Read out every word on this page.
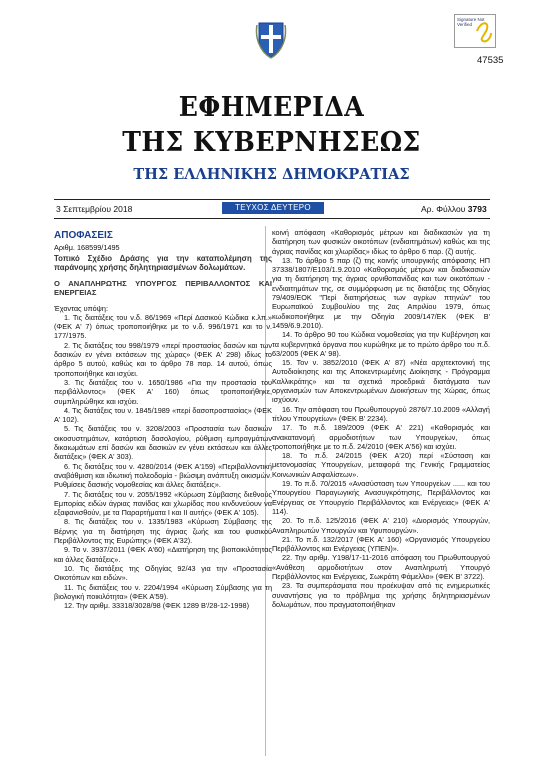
Signature Not Verified
47535
ΕΦΗΜΕΡΙΔΑ
ΤΗΣ ΚΥΒΕΡΝΗΣΕΩΣ
ΤΗΣ ΕΛΛΗΝΙΚΗΣ ΔΗΜΟΚΡΑΤΙΑΣ
3 Σεπτεμβρίου 2018	ΤΕΥΧΟΣ ΔΕΥΤΕΡΟ	Αρ. Φύλλου 3793
ΑΠΟΦΑΣΕΙΣ
Αριθμ. 168599/1495
Τοπικό Σχέδιο Δράσης για την καταπολέμηση της παράνομης χρήσης δηλητηριασμένων δολωμάτων.
Ο ΑΝΑΠΛΗΡΩΤΗΣ ΥΠΟΥΡΓΟΣ ΠΕΡΙΒΑΛΛΟΝΤΟΣ ΚΑΙ ΕΝΕΡΓΕΙΑΣ

Έχοντας υπόψη:

1. Τις διατάξεις του ν.δ. 86/1969 «Περί Δασικού Κώδικα κ.λπ.» (ΦΕΚ Α' 7) όπως τροποποιήθηκε με το ν.δ. 996/1971 και το ν. 177/1975.

2. Τις διατάξεις του 998/1979 «περί προστασίας δασών και των δασικών εν γένει εκτάσεων της χώρας» (ΦΕΚ Α' 298) ιδίως το άρθρο 5 αυτού, καθώς και το άρθρο 78 παρ. 14 αυτού, όπως τροποποιήθηκε και ισχύει.

3. Τις διατάξεις του ν. 1650/1986 «Για την προστασία του περιβάλλοντος» (ΦΕΚ Α' 160) όπως τροποποιήθηκε, συμπληρώθηκε και ισχύει.

4. Τις διατάξεις του ν. 1845/1989 «περί δασοπροστασίας» (ΦΕΚ Α' 102).

5. Τις διατάξεις του ν. 3208/2003 «Προστασία των δασικών οικοσυστημάτων, κατάρτιση δασολογίου, ρύθμιση εμπραγμάτων δικαιωμάτων επί δασών και δασικών εν γένει εκτάσεων και άλλες διατάξεις» (ΦΕΚ Α' 303).

6. Τις διατάξεις του ν. 4280/2014 (ΦΕΚ Α'159) «Περιβαλλοντική αναβάθμιση και ιδιωτική πολεοδομία - βιώσιμη ανάπτυξη οικισμών. Ρυθμίσεις δασικής νομοθεσίας και άλλες διατάξεις».

7. Τις διατάξεις του ν. 2055/1992 «Κύρωση Σύμβασης διεθνούς Εμπορίας ειδών άγριας πανίδας και χλωρίδας που κινδυνεύουν να εξαφανισθούν, με τα Παραρτήματα Ι και ΙΙ αυτής» (ΦΕΚ Α' 105).

8. Τις διατάξεις του ν. 1335/1983 «Κύρωση Σύμβασης της Βέρνης για τη διατήρηση της άγριας ζωής και του φυσικού Περιβάλλοντος της Ευρώπης» (ΦΕΚ Α'32).

9. Το ν. 3937/2011 (ΦΕΚ Α'60) «Διατήρηση της βιοποικιλότητας και άλλες διατάξεις».

10. Τις διατάξεις της Οδηγίας 92/43 για την «Προστασία Οικοτόπων και ειδών».

11. Τις διατάξεις του ν. 2204/1994 «Κύρωση Σύμβασης για τη βιολογική ποικιλότητα» (ΦΕΚ Α'59).

12. Την αριθμ. 33318/3028/98 (ΦΕΚ 1289 Β'/28-12-1998)

κοινή απόφαση «Καθορισμός μέτρων και διαδικασιών για τη διατήρηση των φυσικών οικοτόπων (ενδιαιτημάτων) καθώς και της άγριας πανίδας και χλωρίδας» ιδίως το άρθρο 6 παρ. (ζ) αυτής.

13. Το άρθρο 5 παρ (ζ) της κοινής υπουργικής απόφασης ΗΠ 37338/1807/Ε103/1.9.2010 «Καθορισμός μέτρων και διαδικασιών για τη διατήρηση της άγριας ορνιθοπανίδας και των οικοτόπων - ενδιαιτημάτων της, σε συμμόρφωση με τις διατάξεις της Οδηγίας 79/409/ΕΟΚ "Περί διατηρήσεως των αγρίων πτηνών" του Ευρωπαϊκού Συμβουλίου της 2ας Απριλίου 1979, όπως κωδικοποιήθηκε με την Οδηγία 2009/147/ΕΚ (ΦΕΚ Β' 1459/6.9.2010).

14. Το άρθρο 90 του Κώδικα νομοθεσίας για την Κυβέρνηση και τα κυβερνητικά όργανα που κυρώθηκε με το πρώτο άρθρο του π.δ. 63/2005 (ΦΕΚ Α' 98).

15. Τον ν. 3852/2010 (ΦΕΚ Α' 87) «Νέα αρχιτεκτονική της Αυτοδιοίκησης και της Αποκεντρωμένης Διοίκησης - Πρόγραμμα Καλλικράτης» και τα σχετικά προεδρικά διατάγματα των οργανισμών των Αποκεντρωμένων Διοικήσεων της Χώρας, όπως ισχύουν.

16. Την απόφαση του Πρωθυπουργού 2876/7.10.2009 «Αλλαγή τίτλου Υπουργείων» (ΦΕΚ Β' 2234).

17. Το π.δ. 189/2009 (ΦΕΚ Α' 221) «Καθορισμός και ανακατανομή αρμοδιοτήτων των Υπουργείων, όπως τροποποιήθηκε με το π.δ. 24/2010 (ΦΕΚ Α'56) και ισχύει.

18. Το π.δ. 24/2015 (ΦΕΚ Α'20) περί «Σύσταση και μετονομασίας Υπουργείων, μεταφορά της Γενικής Γραμματείας Κοινωνικών Ασφαλίσεων».

19. Το π.δ. 70/2015 «Ανασύσταση των Υπουργείων ...... και του Υπουργείου Παραγωγικής Ανασυγκρότησης, Περιβάλλοντος και Ενέργειας σε Υπουργείο Περιβάλλοντος και Ενέργειας» (ΦΕΚ Α' 114).

20. Το π.δ. 125/2016 (ΦΕΚ Α' 210) «Διορισμός Υπουργών, Αναπληρωτών Υπουργών και Υφυπουργών».

21. Το π.δ. 132/2017 (ΦΕΚ Α' 160) «Οργανισμός Υπουργείου Περιβάλλοντος και Ενέργειας (ΥΠΕΝ)».

22. Την αριθμ. Υ198/17-11-2016 απόφαση του Πρωθυπουργού «Ανάθεση αρμοδιοτήτων στον Αναπληρωτή Υπουργό Περιβάλλοντος και Ενέργειας, Σωκράτη Φάμελλο» (ΦΕΚ Β' 3722).

23. Τα συμπεράσματα που προέκυψαν από τις ενημερωτικές συναντήσεις για το πρόβλημα της χρήσης δηλητηριασμένων δολωμάτων, που πραγματοποιήθηκαν
